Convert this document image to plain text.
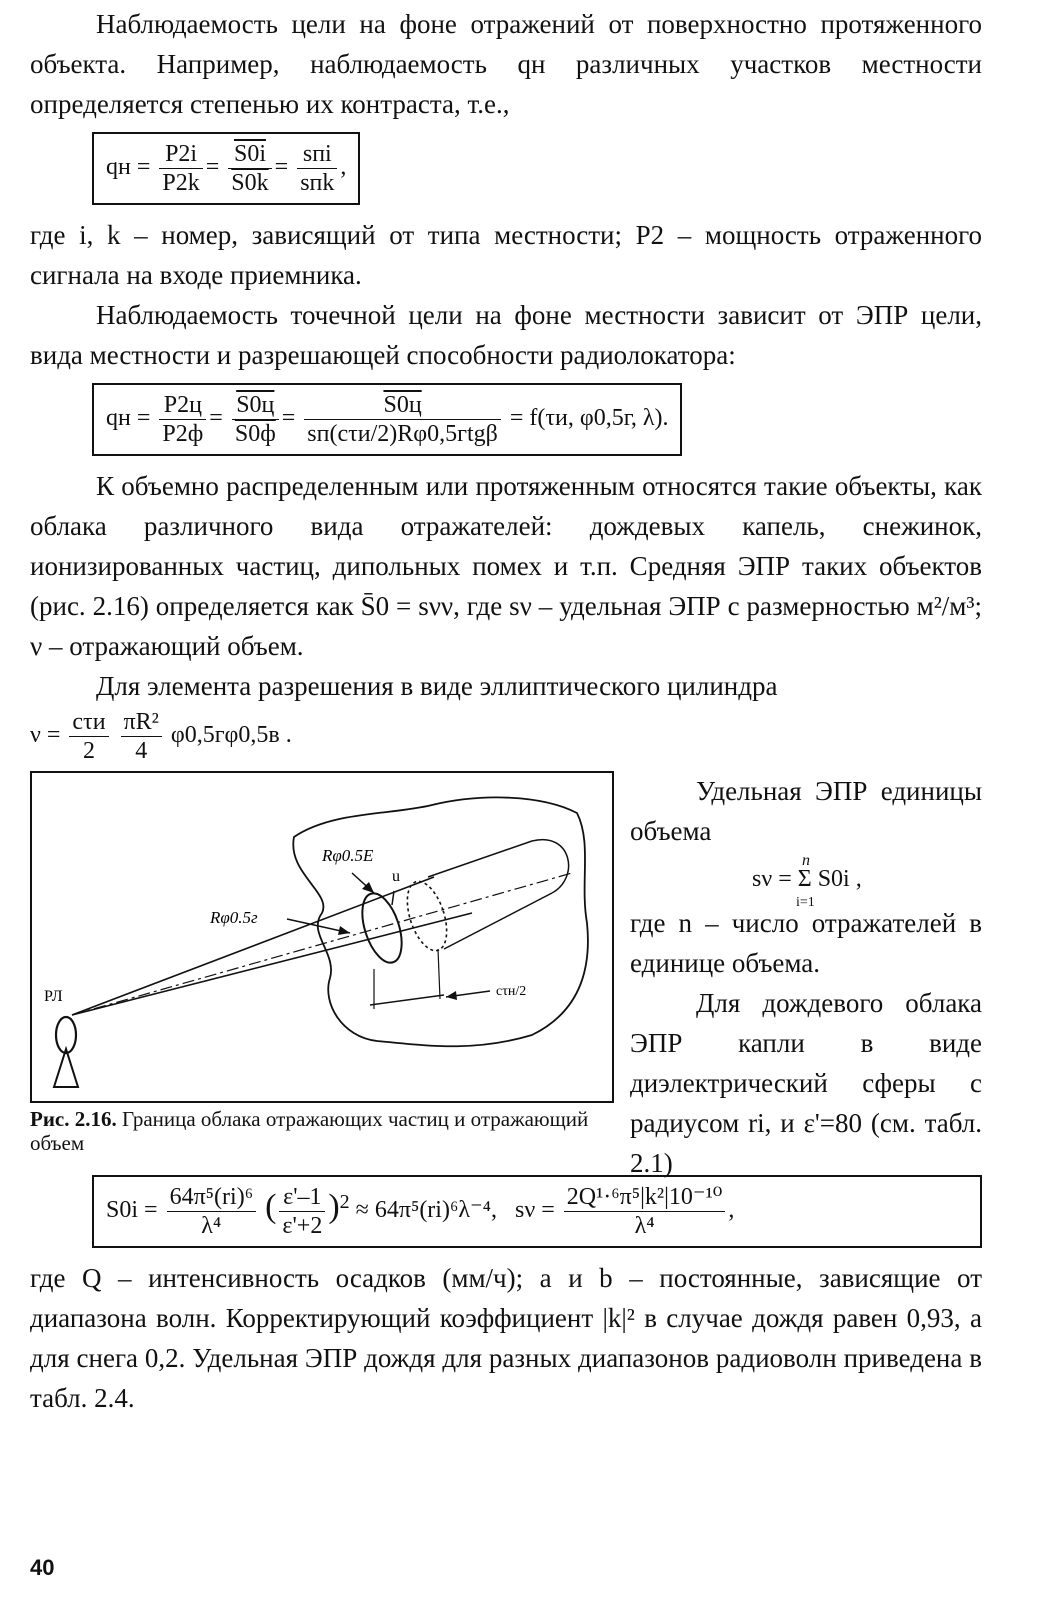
Наблюдаемость цели на фоне отражений от поверхностно протяженного объекта. Например, наблюдаемость qн различных участков местности определяется степенью их контраста, т.е.,

qн = $\frac{P2i}{P2k} = \frac{S0i}{S0k}$ =
sпi
sпk
,

где i, k – номер, зависящий от типа местности; P2 – мощность отраженного сигнала на входе приемника.

Наблюдаемость точечной цели на фоне местности зависит от ЭПР цели, вида местности и разрешающей способности радиолокатора:

qн =
P2ц
P2ф
=
S0ц
S0ф
=
S0ц
sп(cτи/2)Rφ0,5гtgβ
= f(τи, φ0,5г, λ).

К объемно распределенным или протяженным относятся такие объекты, как облака различного вида отражателей: дождевых капель, снежинок, ионизированных частиц, дипольных помех и т.п. Средняя ЭПР таких объектов (рис. 2.16) определяется как S̄0 = sνν, где sν – удельная ЭПР с размерностью м²/м³; ν – отражающий объем.

Для элемента разрешения в виде эллиптического цилиндра

ν =
cτи
2
	$\frac{\text{πR²}}{4} \varphi 0,5г\varphi 0,5в$ .
Rφ0.5Е
u
Rφ0.5г
cτн/2
РЛ
Рис. 2.16. Граница облака отражающих частиц и отражающий объем

Удельная ЭПР единицы объема

n
sν = Σ S0i ,
i=1

где n – число отражателей в единице объема.

Для дождевого облака ЭПР капли в виде диэлектрический сферы с радиусом ri, и ε'=80 (см. табл. 2.1)

$S0i = \frac{\text{64π⁵(ri)⁶}}{\text{λ⁴}}$ ( $\frac{\varepsilon'-1}{\varepsilon'+2} )^2 \approx 64\pi^5(ri)^6\lambda^{-4}$, $s\nu = \frac{\text{2Q¹·⁶π⁵|k²|10⁻¹⁰}}{\text{λ⁴}}$ ,

где Q – интенсивность осадков (мм/ч); a и b – постоянные, зависящие от диапазона волн. Корректирующий коэффициент |k|² в случае дождя равен 0,93, а для снега 0,2. Удельная ЭПР дождя для разных диапазонов радиоволн приведена в табл. 2.4.

40
